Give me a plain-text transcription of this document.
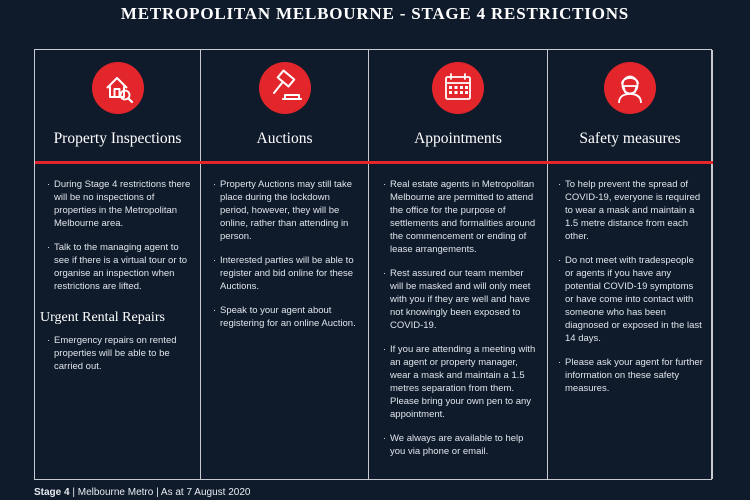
METROPOLITAN MELBOURNE - STAGE 4 RESTRICTIONS
Property Inspections
· During Stage 4 restrictions there will be no inspections of properties in the Metropolitan Melbourne area.
· Talk to the managing agent to see if there is a virtual tour or to organise an inspection when restrictions are lifted.
Urgent Rental Repairs
· Emergency repairs on rented properties will be able to be carried out.
Auctions
· Property Auctions may still take place during the lockdown period, however, they will be online, rather than attending in person.
· Interested parties will be able to register and bid online for these Auctions.
· Speak to your agent about registering for an online Auction.
Appointments
· Real estate agents in Metropolitan Melbourne are permitted to attend the office for the purpose of settlements and formalities around the commencement or ending of lease arrangements.
· Rest assured our team member will be masked and will only meet with you if they are well and have not knowingly been exposed to COVID-19.
· If you are attending a meeting with an agent or property manager, wear a mask and maintain a 1.5 metres separation from them. Please bring your own pen to any appointment.
· We always are available to help you via phone or email.
Safety measures
· To help prevent the spread of COVID-19, everyone is required to wear a mask and maintain a 1.5 metre distance from each other.
· Do not meet with tradespeople or agents if you have any potential COVID-19 symptoms or have come into contact with someone who has been diagnosed or exposed in the last 14 days.
· Please ask your agent for further information on these safety measures.
Stage 4 | Melbourne Metro | As at 7 August 2020
